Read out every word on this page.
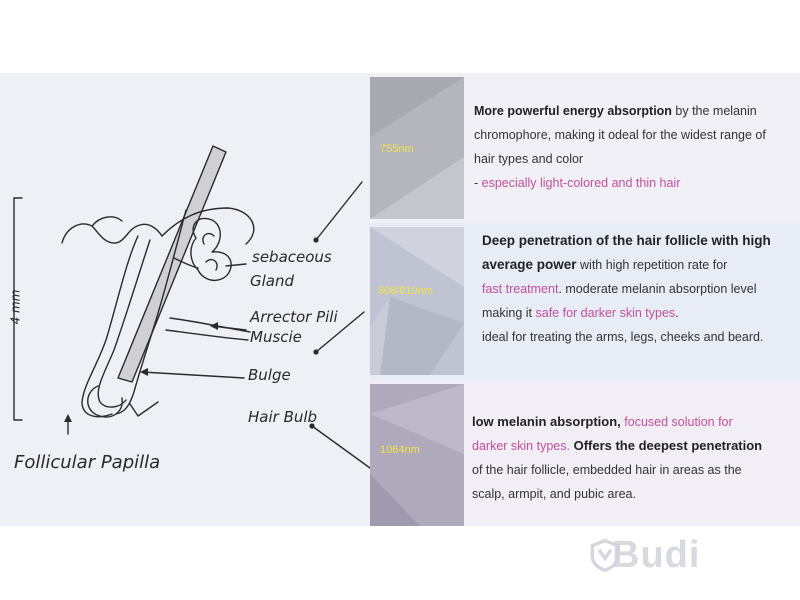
sebaceous
Gland
Arrector Pili
Muscie
Bulge
Hair Bulb
Follicular Papilla
4 mm
755nm
More powerful energy absorption by the melanin
chromophore, making it odeal for the widest range of
hair types and color
- especially light-colored and thin hair
808/810nm
Deep penetration of the hair follicle with high
average power with high repetition rate for
fast treatment. moderate melanin absorption level
making it safe for darker skin types.
ideal for treating the arms, legs, cheeks and beard.
1064nm
low melanin absorption, focused solution for
darker skin types. Offers the deepest penetration
of the hair follicle, embedded hair in areas as the
scalp, armpit, and pubic area.
Budi
